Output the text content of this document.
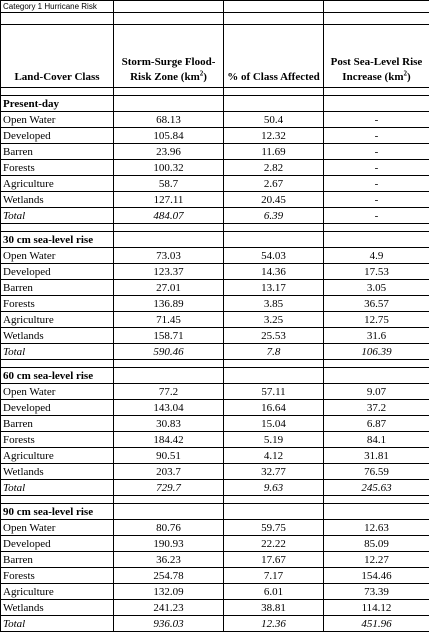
Category 1 Hurricane Risk			

Land-Cover Class	Storm-Surge Flood-Risk Zone $(km^2)$	% of Class Affected	Post Sea-Level Rise Increase $(km^2)$

Present-day			
Open Water	68.13	50.4	-
Developed	105.84	12.32	-
Barren	23.96	11.69	-
Forests	100.32	2.82	-
Agriculture	58.7	2.67	-
Wetlands	127.11	20.45	-
Total	484.07	6.39	-

30 cm sea-level rise			
Open Water	73.03	54.03	4.9
Developed	123.37	14.36	17.53
Barren	27.01	13.17	3.05
Forests	136.89	3.85	36.57
Agriculture	71.45	3.25	12.75
Wetlands	158.71	25.53	31.6
Total	590.46	7.8	106.39

60 cm sea-level rise			
Open Water	77.2	57.11	9.07
Developed	143.04	16.64	37.2
Barren	30.83	15.04	6.87
Forests	184.42	5.19	84.1
Agriculture	90.51	4.12	31.81
Wetlands	203.7	32.77	76.59
Total	729.7	9.63	245.63

90 cm sea-level rise			
Open Water	80.76	59.75	12.63
Developed	190.93	22.22	85.09
Barren	36.23	17.67	12.27
Forests	254.78	7.17	154.46
Agriculture	132.09	6.01	73.39
Wetlands	241.23	38.81	114.12
Total	936.03	12.36	451.96
